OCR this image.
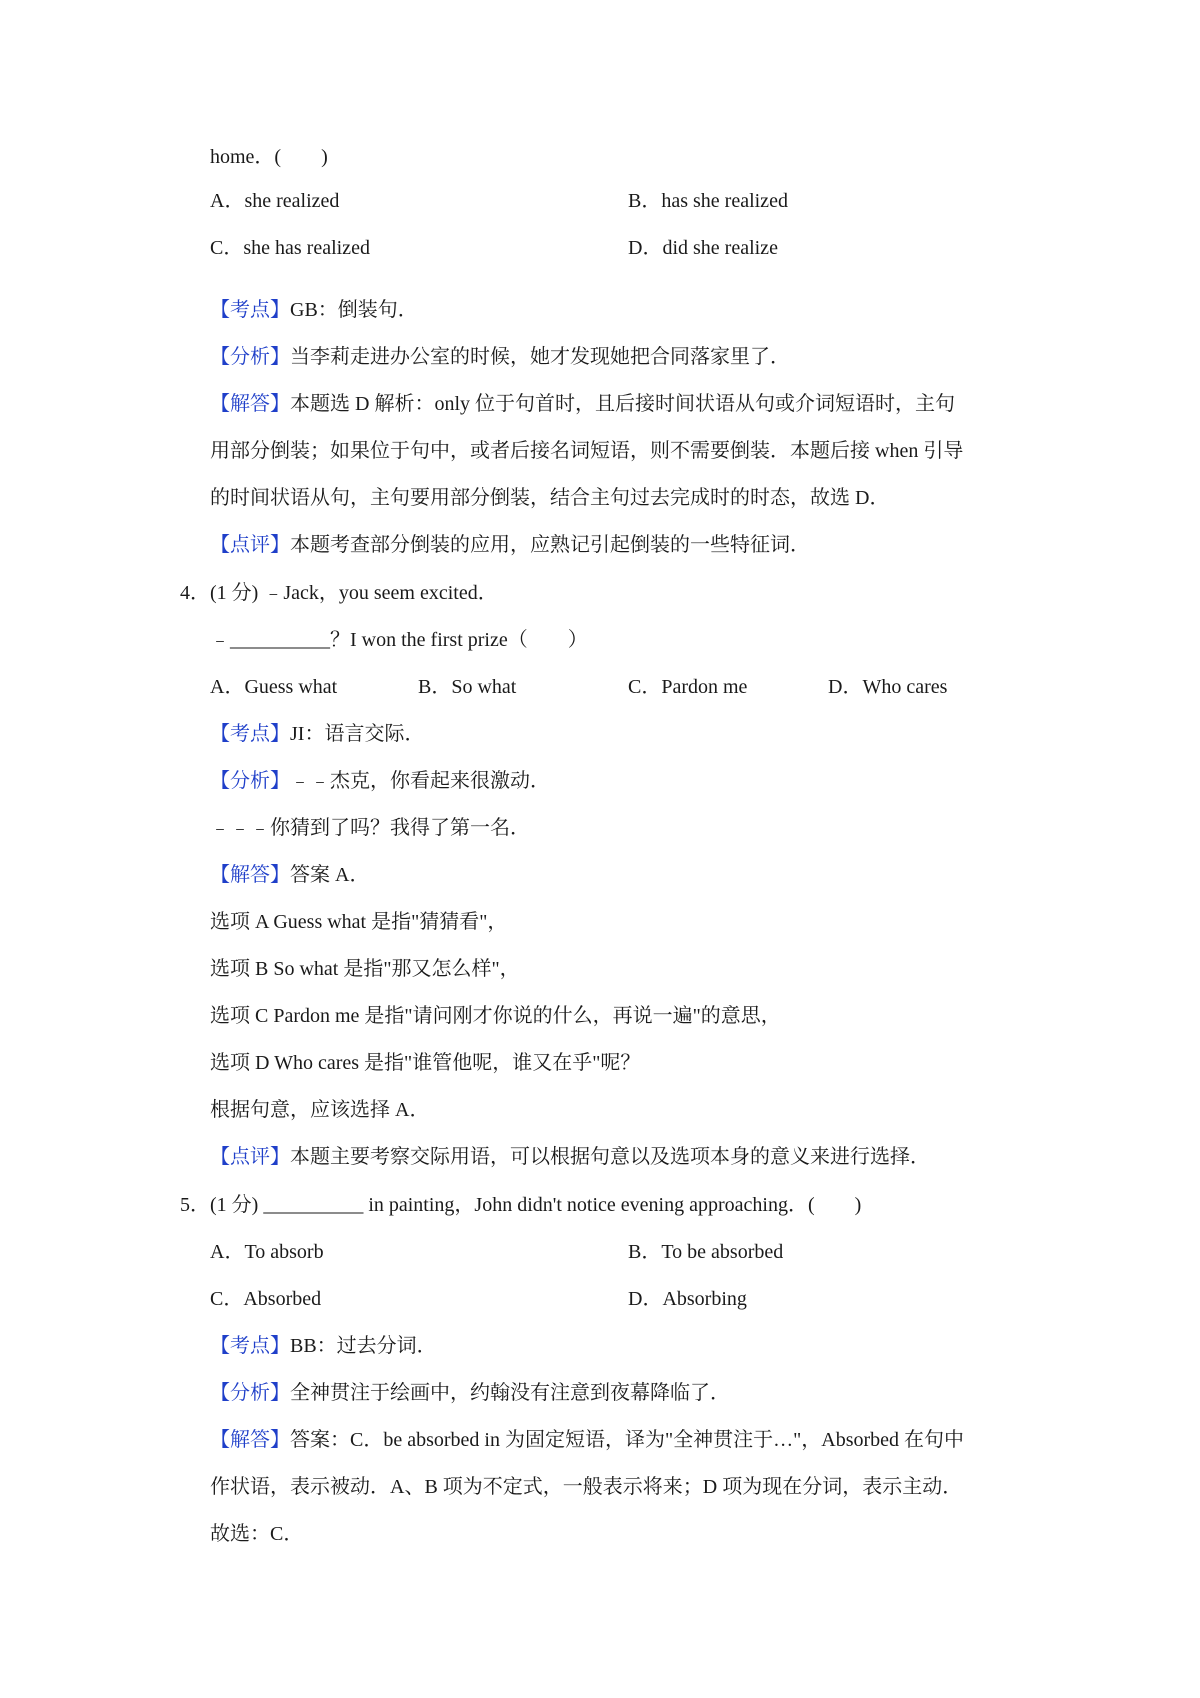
home．(　　)
A．she realized	B．has she realized
C．she has realized	D．did she realize
【考点】GB：倒装句．
【分析】当李莉走进办公室的时候，她才发现她把合同落家里了．
【解答】本题选 D 解析：only 位于句首时，且后接时间状语从句或介词短语时，主句
用部分倒装；如果位于句中，或者后接名词短语，则不需要倒装．本题后接 when 引导
的时间状语从句，主句要用部分倒装，结合主句过去完成时的时态，故选 D．
【点评】本题考查部分倒装的应用，应熟记引起倒装的一些特征词．
4．(1 分) ﹣Jack，you seem excited．
﹣__________？I won the first prize（　　）
A．Guess what	B．So what	C．Pardon me	D．Who cares
【考点】JI：语言交际．
【分析】﹣﹣杰克，你看起来很激动．
﹣﹣﹣你猜到了吗？我得了第一名．
【解答】答案 A．
选项 A Guess what 是指"猜猜看"，
选项 B So what 是指"那又怎么样"，
选项 C Pardon me 是指"请问刚才你说的什么，再说一遍"的意思，
选项 D Who cares 是指"谁管他呢，谁又在乎"呢？
根据句意，应该选择 A．
【点评】本题主要考察交际用语，可以根据句意以及选项本身的意义来进行选择．
5．(1 分) __________ in painting，John didn't notice evening approaching．(　　)
A．To absorb	B．To be absorbed
C．Absorbed	D．Absorbing
【考点】BB：过去分词．
【分析】全神贯注于绘画中，约翰没有注意到夜幕降临了．
【解答】答案：C．be absorbed in 为固定短语，译为"全神贯注于…"，Absorbed 在句中
作状语，表示被动．A、B 项为不定式，一般表示将来；D 项为现在分词，表示主动．
故选：C．
